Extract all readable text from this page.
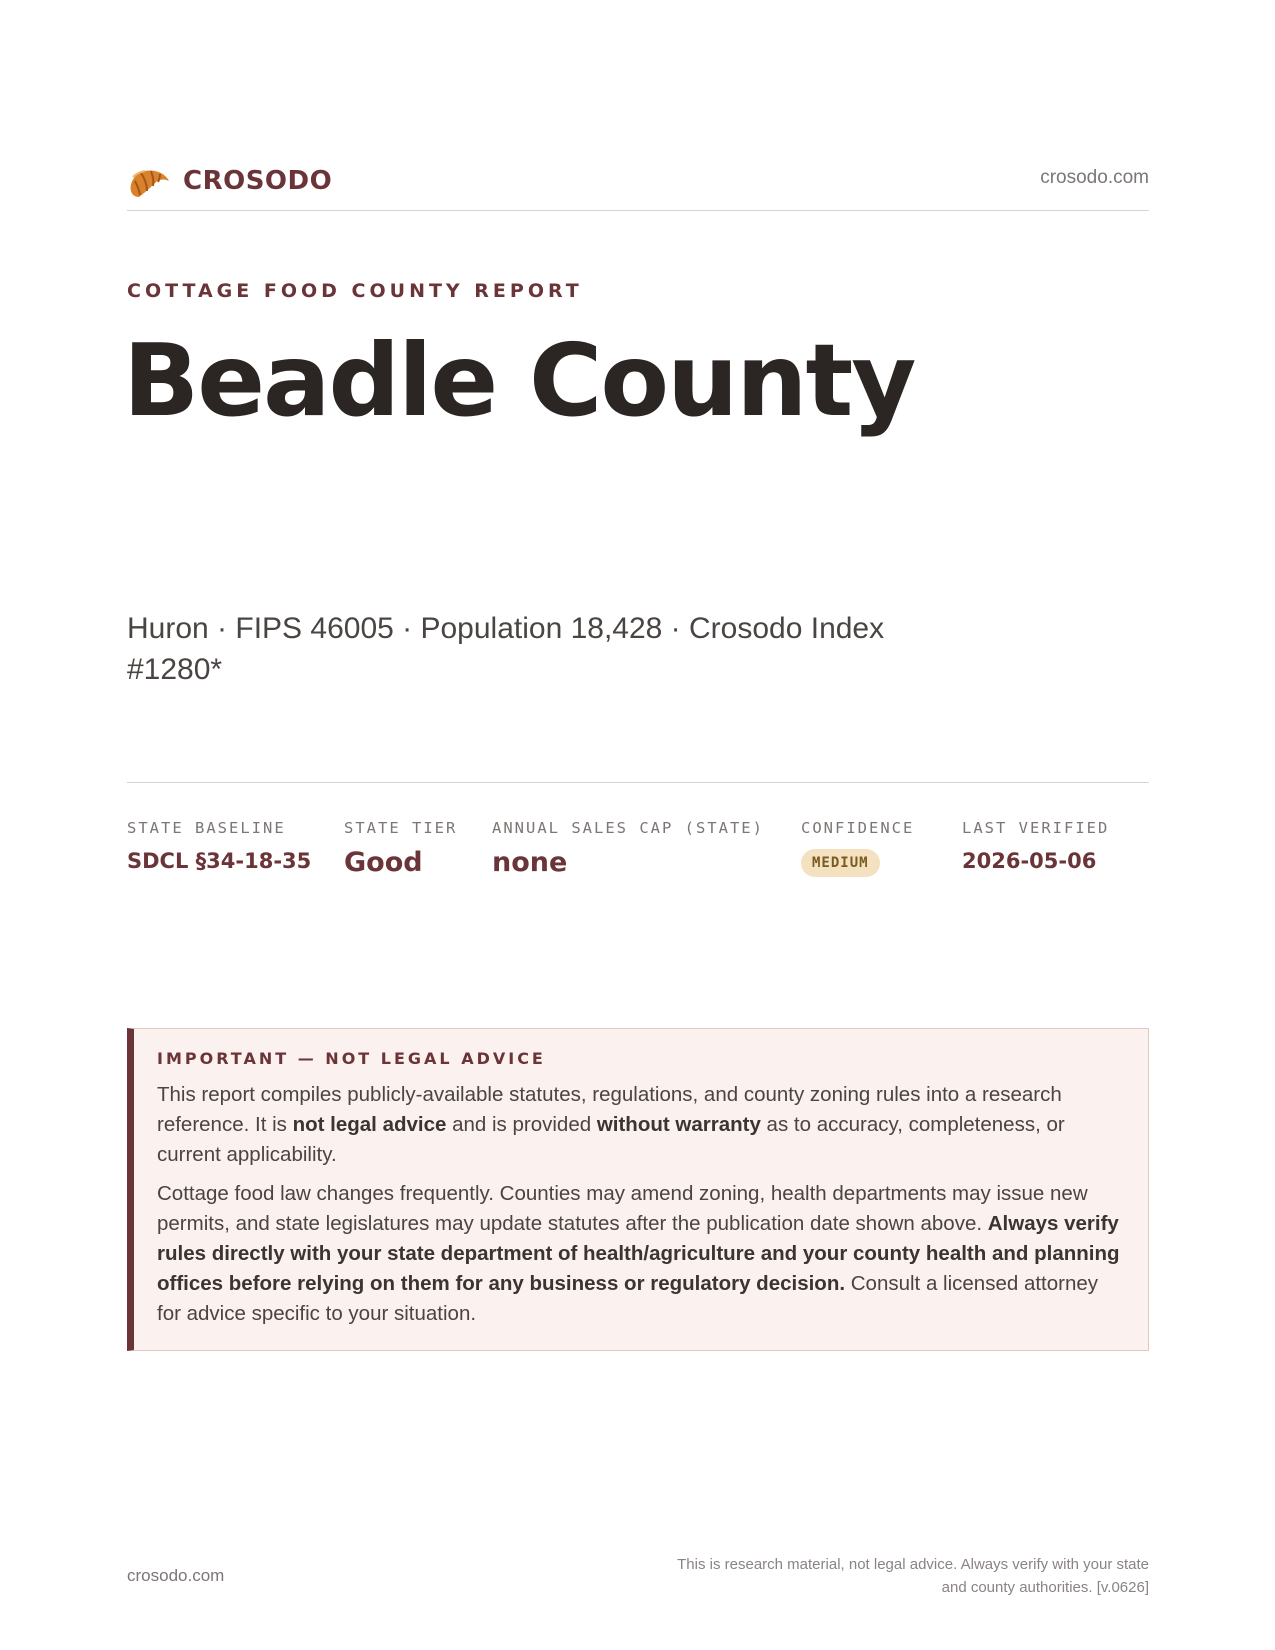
CROSODO	crosodo.com
COTTAGE FOOD COUNTY REPORT
Beadle County
Huron · FIPS 46005 · Population 18,428 · Crosodo Index #1280*
STATE BASELINE
SDCL §34-18-35
STATE TIER
Good
ANNUAL SALES CAP (STATE)
none
CONFIDENCE
MEDIUM
LAST VERIFIED
2026-05-06
IMPORTANT — NOT LEGAL ADVICE

This report compiles publicly-available statutes, regulations, and county zoning rules into a research reference. It is not legal advice and is provided without warranty as to accuracy, completeness, or current applicability.

Cottage food law changes frequently. Counties may amend zoning, health departments may issue new permits, and state legislatures may update statutes after the publication date shown above. Always verify rules directly with your state department of health/agriculture and your county health and planning offices before relying on them for any business or regulatory decision. Consult a licensed attorney for advice specific to your situation.

crosodo.com
This is research material, not legal advice. Always verify with your state
and county authorities. [v.0626]
